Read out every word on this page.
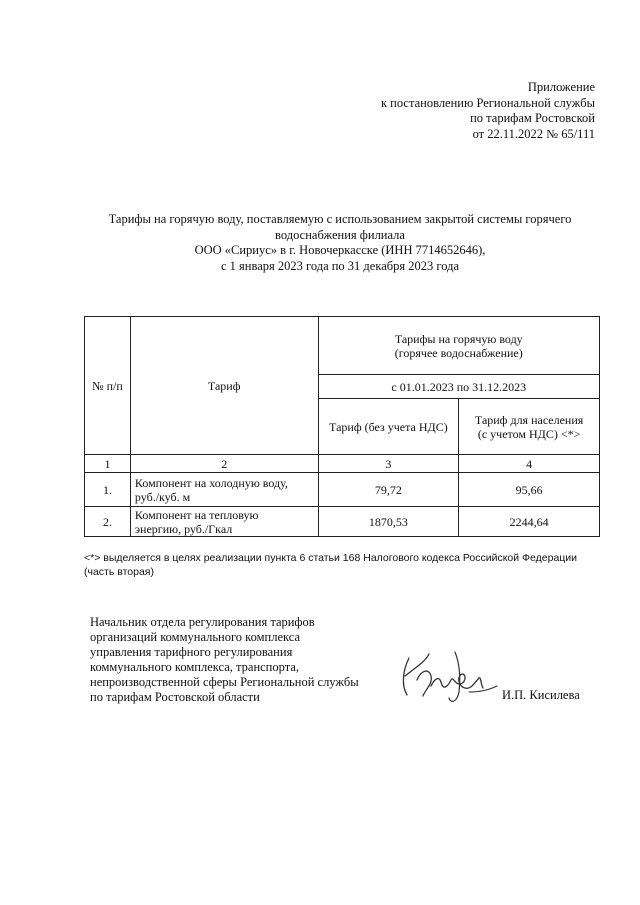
Приложение
к постановлению Региональной службы
по тарифам Ростовской
от 22.11.2022 № 65/111
Тарифы на горячую воду, поставляемую с использованием закрытой системы горячего
водоснабжения филиала
ООО «Сириус» в г. Новочеркасске (ИНН 7714652646),
с 1 января 2023 года по 31 декабря 2023 года
№ п/п	Тариф	Тарифы на горячую воду
(горячее водоснабжение)	

		с 01.01.2023 по 31.12.2023	
		Тариф (без учета НДС)	Тариф для населения
(с учетом НДС) <*>

1	2	3	4
1.	Компонент на холодную воду,
руб./куб. м	79,72	95,66
2.	Компонент на тепловую
энергию, руб./Гкал	1870,53	2244,64
<*> выделяется в целях реализации пункта 6 статьи 168 Налогового кодекса Российской Федерации (часть вторая)
Начальник отдела регулирования тарифов
организаций коммунального комплекса
управления тарифного регулирования
коммунального комплекса, транспорта,
непроизводственной сферы Региональной службы
по тарифам Ростовской области	И.П. Кисилева
